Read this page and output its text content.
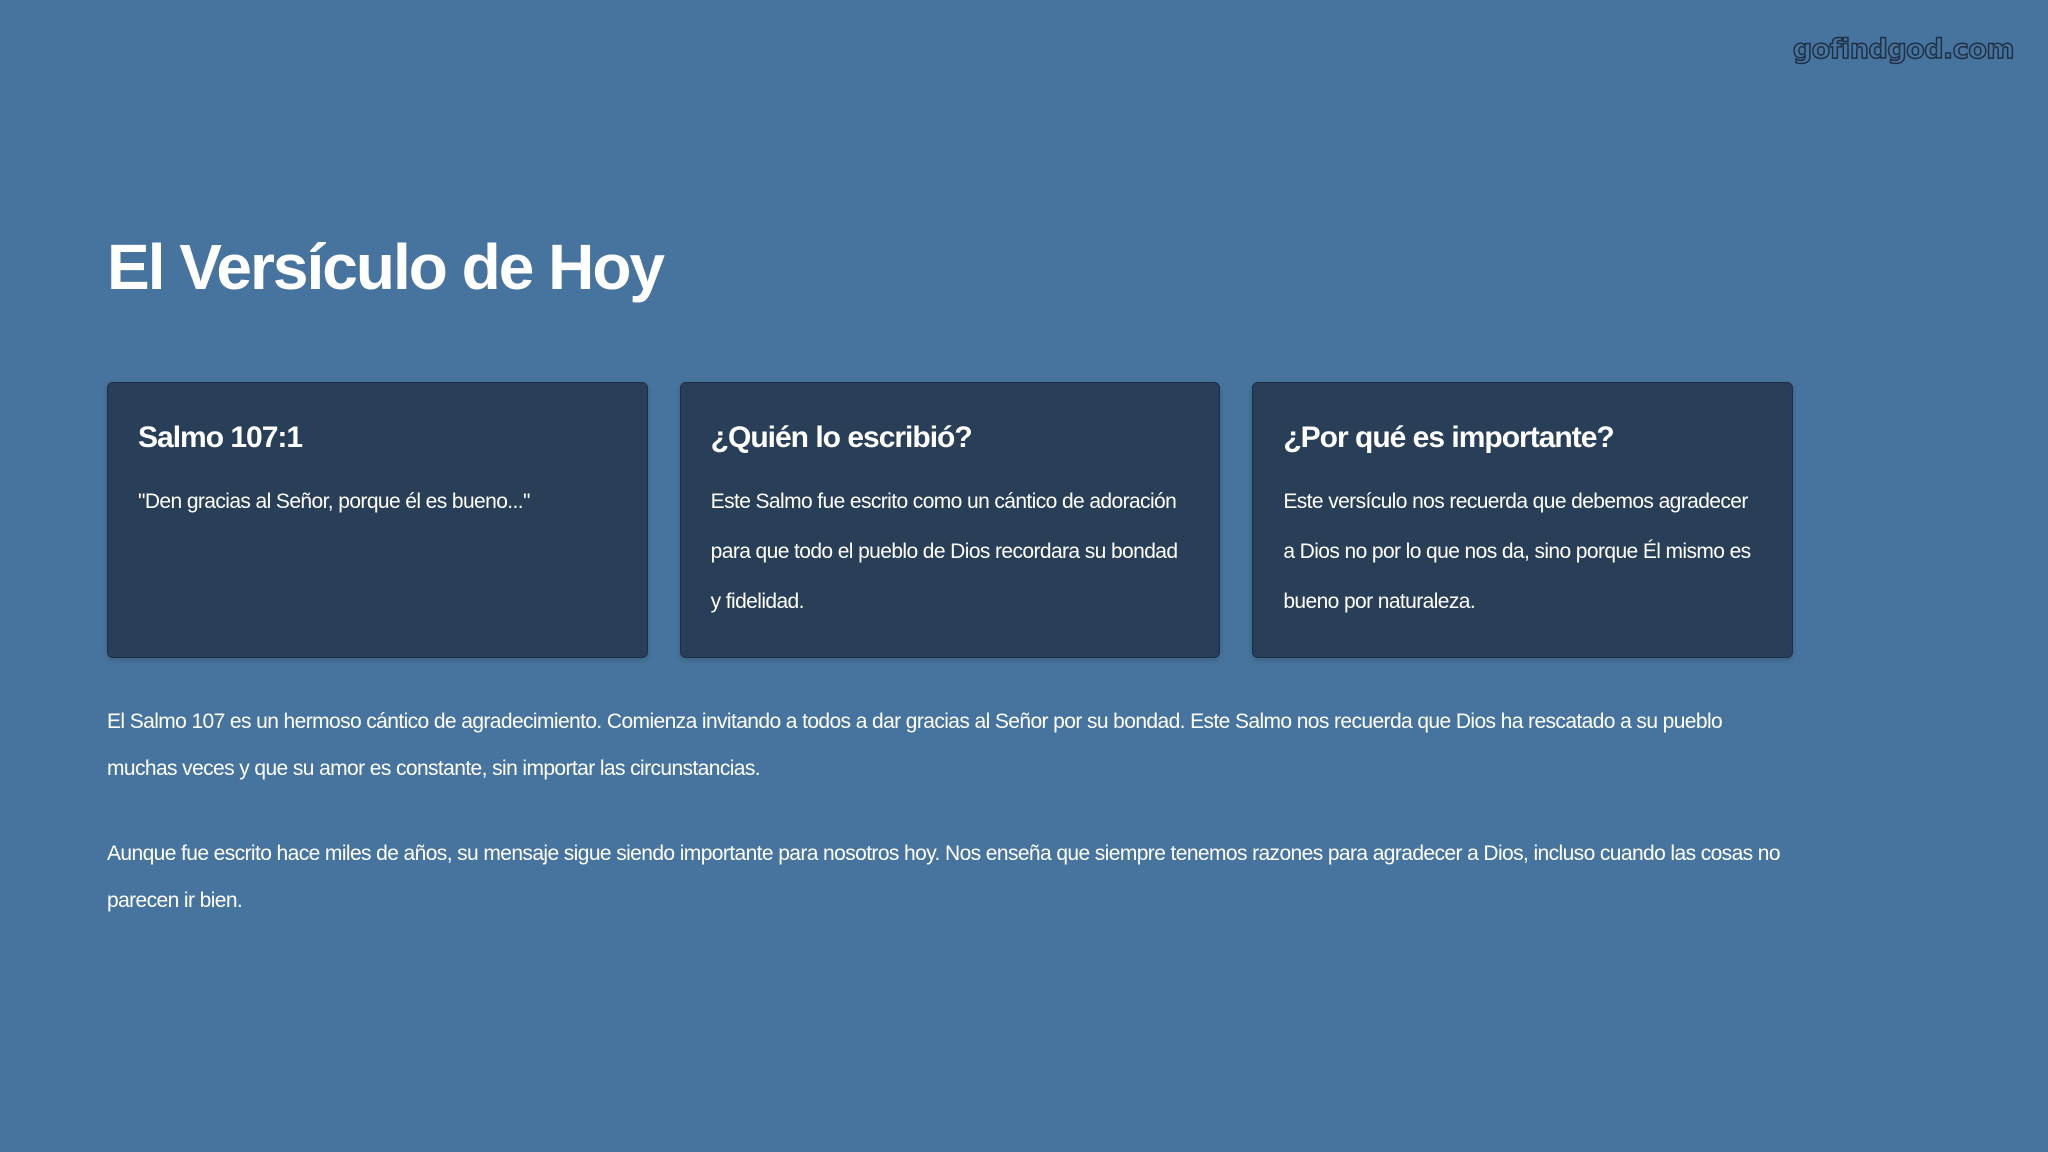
gofindgod.com
El Versículo de Hoy
Salmo 107:1

"Den gracias al Señor, porque él es bueno..."

¿Quién lo escribió?

Este Salmo fue escrito como un cántico de adoración para que todo el pueblo de Dios recordara su bondad y fidelidad.

¿Por qué es importante?

Este versículo nos recuerda que debemos agradecer a Dios no por lo que nos da, sino porque Él mismo es bueno por naturaleza.

El Salmo 107 es un hermoso cántico de agradecimiento. Comienza invitando a todos a dar gracias al Señor por su bondad. Este Salmo nos recuerda que Dios ha rescatado a su pueblo muchas veces y que su amor es constante, sin importar las circunstancias.

Aunque fue escrito hace miles de años, su mensaje sigue siendo importante para nosotros hoy. Nos enseña que siempre tenemos razones para agradecer a Dios, incluso cuando las cosas no parecen ir bien.
